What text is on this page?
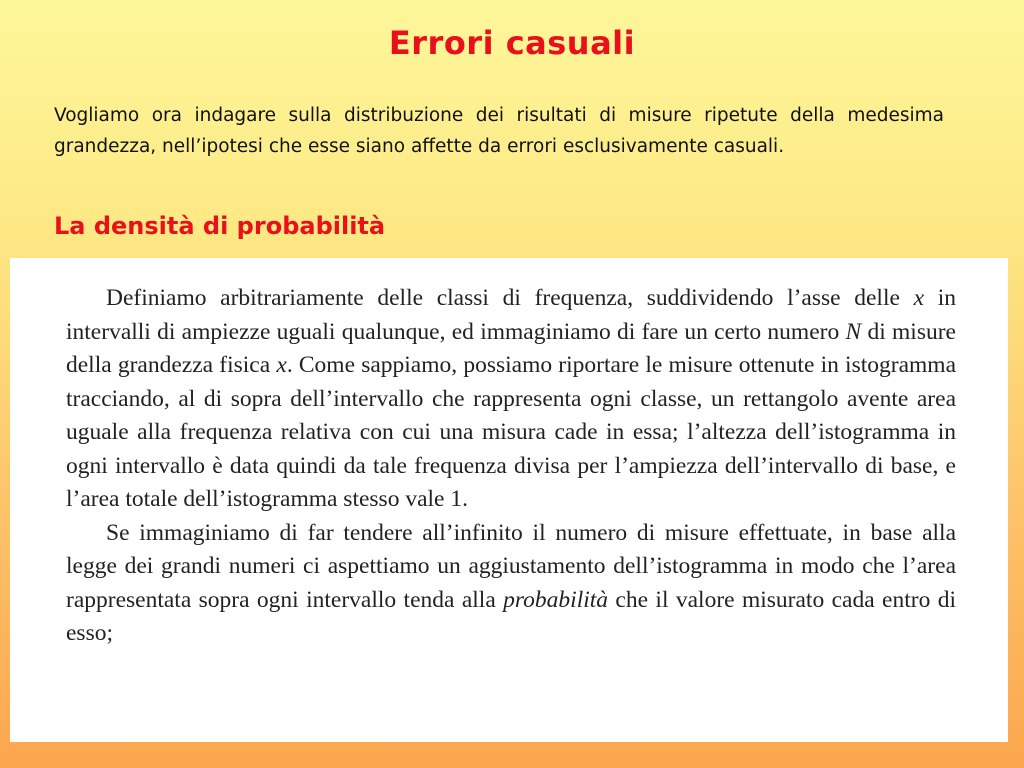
Errori casuali

Vogliamo ora indagare sulla distribuzione dei risultati di misure ripetute della medesima grandezza, nell’ipotesi che esse siano affette da errori esclusivamente casuali.

La densità di probabilità

Definiamo arbitrariamente delle classi di frequenza, suddividendo l’asse delle x in intervalli di ampiezze uguali qualunque, ed immaginiamo di fare un certo numero N di misure della grandezza fisica x. Come sappiamo, possiamo riportare le misure ottenute in istogramma tracciando, al di sopra dell’intervallo che rappresenta ogni classe, un rettangolo avente area uguale alla frequenza relativa con cui una misura cade in essa; l’altezza dell’istogramma in ogni intervallo è data quindi da tale frequenza divisa per l’ampiezza dell’intervallo di base, e l’area totale dell’istogramma stesso vale 1.

Se immaginiamo di far tendere all’infinito il numero di misure effettuate, in base alla legge dei grandi numeri ci aspettiamo un aggiustamento dell’istogramma in modo che l’area rappresentata sopra ogni intervallo tenda alla probabilità che il valore misurato cada entro di esso;
